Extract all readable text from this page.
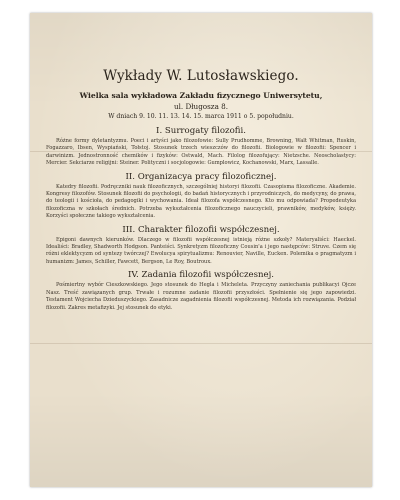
Wykłady W. Lutosławskiego.
Wielka sala wykładowa Zakładu fizycznego Uniwersytetu,
ul. Długosza 8.
W dniach 9. 10. 11. 13. 14. 15. marca 1911 o 5. popołudniu.
I. Surrogaty filozofii.

Różne formy dyletantyzmu. Poeci i artyści jako filozofowie: Sully Prudhomme, Browning, Walt Whitman, Ruskin, Fogazzaro, Ibsen, Wyspiański, Tołstoj. Stosunek trzech wieszczów do filozofii. Biologowie w filozofii: Spencer i darwinizm. Jednostronność chemików i fizyków: Ostwald, Mach. Filolog filozofujący: Nietzsche. Neoscholastycy: Mercier. Sekciarze religijni: Steiner. Polityczni i socjologowie: Gumplowicz, Kochanowski, Marx, Lassalle.

II. Organizacya pracy filozoficznej.

Katedry filozofii. Podręczniki nauk filozoficznych, szczególniej historyi filozofii. Czasopisma filozoficzne. Akademie. Kongresy filozofów. Stosunek filozofii do psychologii, do badań historycznych i przyrodniczych, do medycyny, do prawa, do teologii i kościoła, do pedagogiki i wychowania. Ideał filozofa współczesnego. Kto mu odpowiada? Propedeutyka filozoficzna w szkołach średnich. Potrzeba wykształcenia filozoficznego nauczycieli, prawników, medyków, księży. Korzyści społeczne takiego wykształcenia.

III. Charakter filozofii współczesnej.

Epigoni dawnych kierunków. Dlaczego w filozofii współczesnej istnieją różne szkoły? Materyaliści: Haeckel. Idealiści: Bradley, Shadworth Hodgson. Panteiści. Synkretyzm filozoficzny Cousin'a i jego następców: Struve. Czem się różni eklektycyzm od syntezy twórczej? Ewolucya spirytualizmu: Renouvier, Naville, Eucken. Polemika o pragmatyzm i humanizm: James, Schiller, Fawcett, Bergson, Le Roy, Boutroux.

IV. Zadania filozofii współczesnej.

Pośmiertny wybór Cieszkowskiego. Jego stosunek do Hegla i Micheleta. Przyczyny zaniechania publikacyi Ojcze Nasz. Treść zawiązanych grup. Trwałe i rozumne zadanie filozofii przyszłości. Spełnienie się jego zapowiedzi. Testament Wojciecha Dzieduszyckiego. Zasadnicze zagadnienia filozofii współczesnej. Metoda ich rozwiązania. Podział filozofii. Zakres metafizyki. Jej stosunek do etyki.
